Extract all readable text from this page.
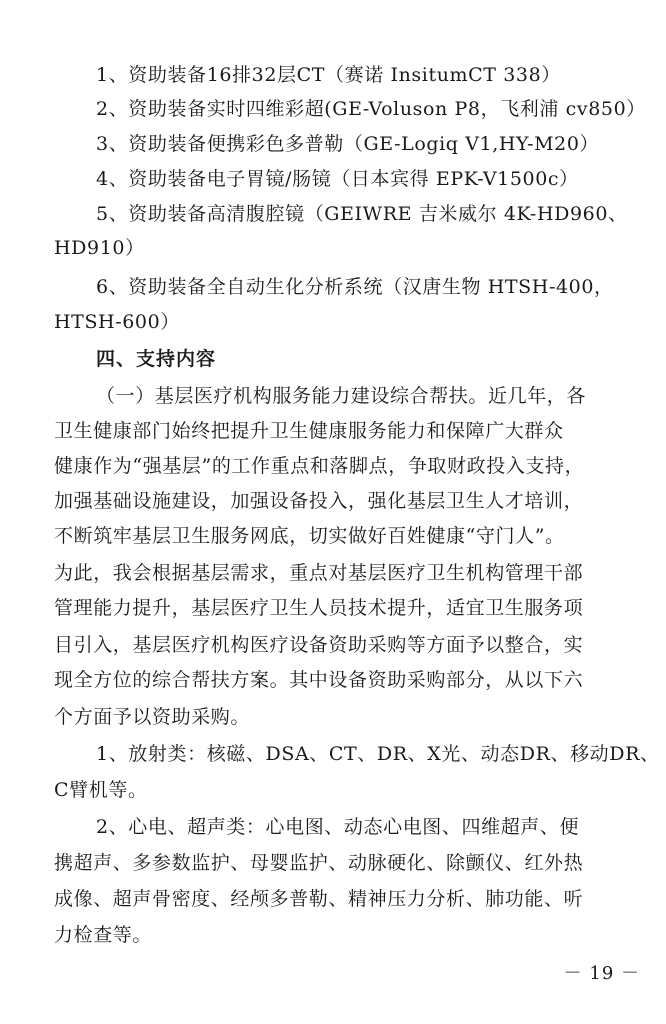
1、资助装备16排32层CT（赛诺 InsitumCT 338）
2、资助装备实时四维彩超(GE-Voluson P8，飞利浦 cv850）
3、资助装备便携彩色多普勒（GE-Logiq V1,HY-M20）
4、资助装备电子胃镜/肠镜（日本宾得 EPK-V1500c）
5、资助装备高清腹腔镜（GEIWRE 吉米威尔 4K-HD960、
HD910）
6、资助装备全自动生化分析系统（汉唐生物 HTSH-400，
HTSH-600）
四、支持内容
（一）基层医疗机构服务能力建设综合帮扶。近几年，各
卫生健康部门始终把提升卫生健康服务能力和保障广大群众
健康作为“强基层”的工作重点和落脚点，争取财政投入支持，
加强基础设施建设，加强设备投入，强化基层卫生人才培训，
不断筑牢基层卫生服务网底，切实做好百姓健康“守门人”。
为此，我会根据基层需求，重点对基层医疗卫生机构管理干部
管理能力提升，基层医疗卫生人员技术提升，适宜卫生服务项
目引入，基层医疗机构医疗设备资助采购等方面予以整合，实
现全方位的综合帮扶方案。其中设备资助采购部分，从以下六
个方面予以资助采购。
1、放射类：核磁、DSA、CT、DR、X光、动态DR、移动DR、
C臂机等。
2、心电、超声类：心电图、动态心电图、四维超声、便
携超声、多参数监护、母婴监护、动脉硬化、除颤仪、红外热
成像、超声骨密度、经颅多普勒、精神压力分析、肺功能、听
力检查等。
－ 19 －
